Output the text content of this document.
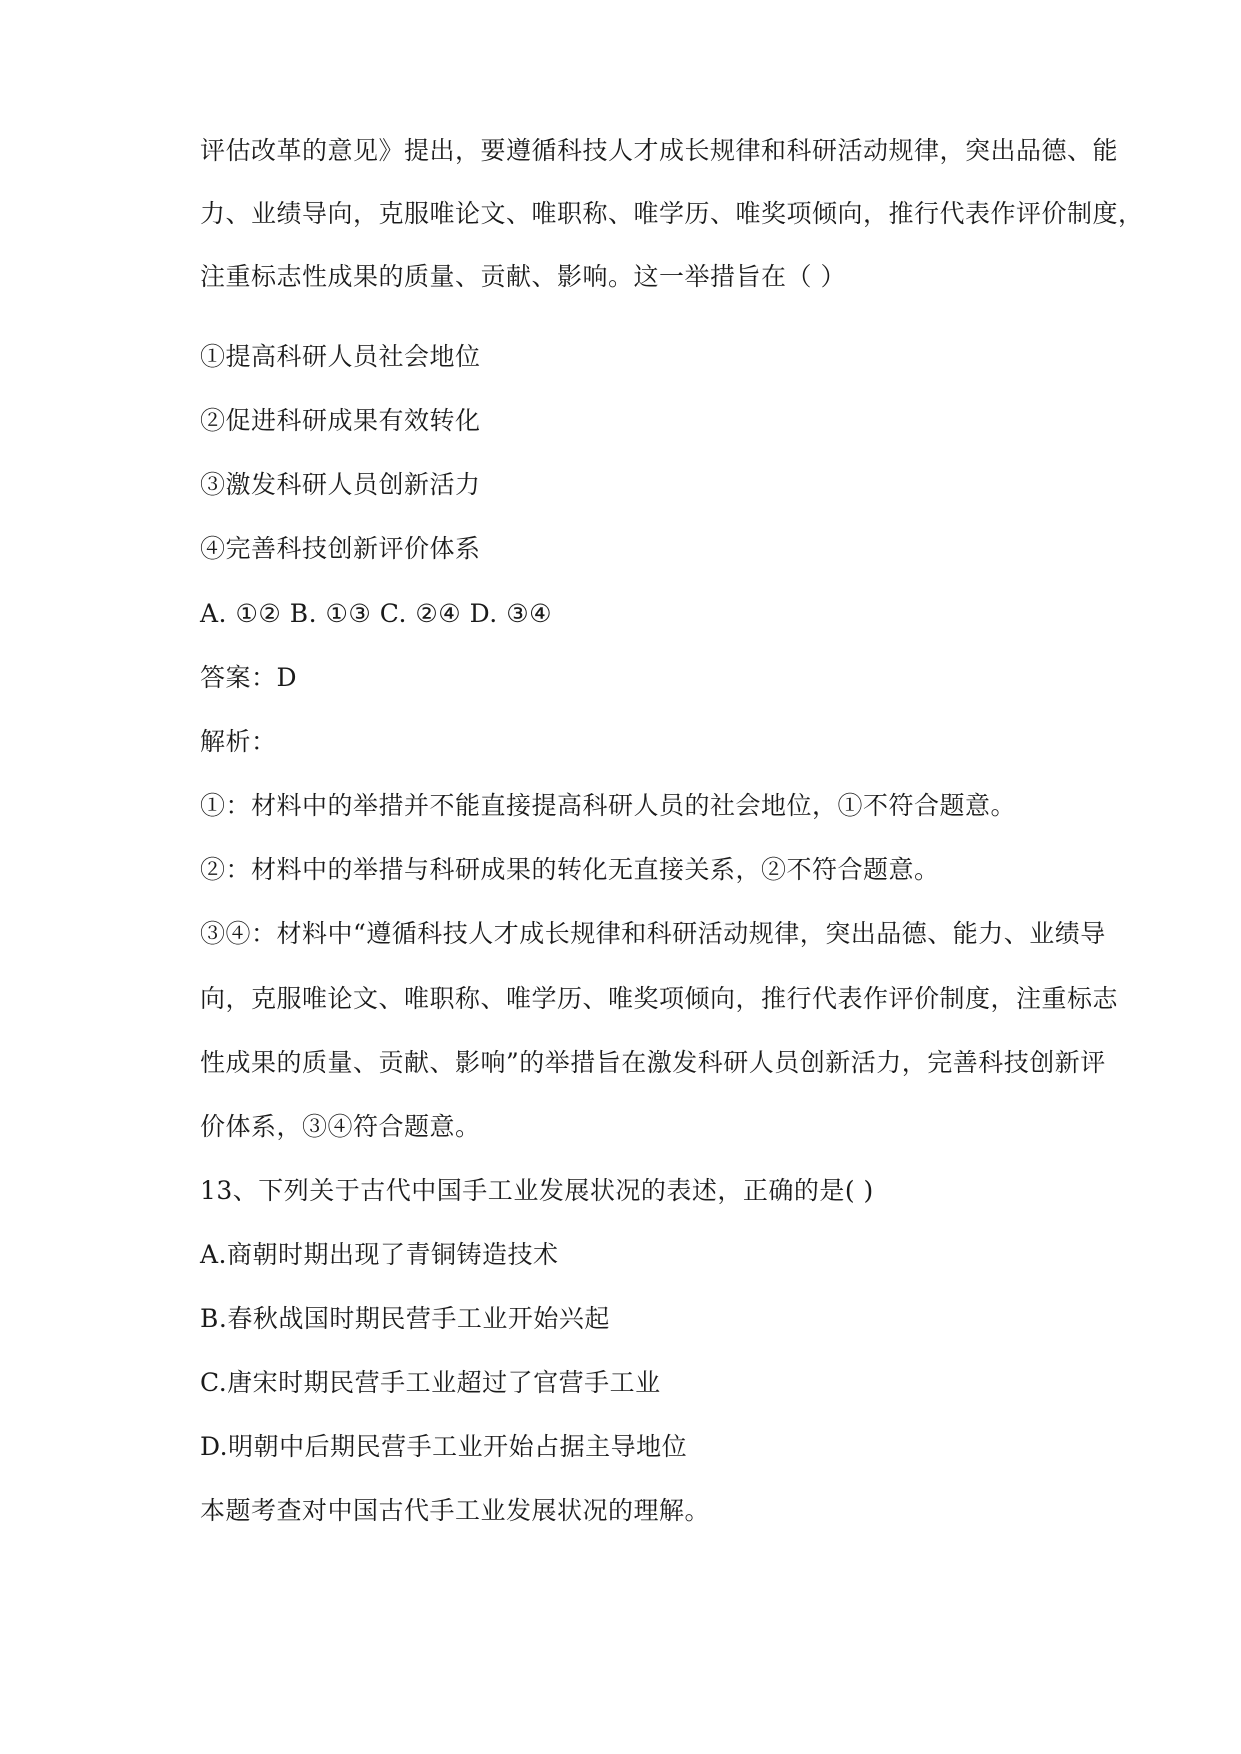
评估改革的意见》提出，要遵循科技人才成长规律和科研活动规律，突出品德、能
力、业绩导向，克服唯论文、唯职称、唯学历、唯奖项倾向，推行代表作评价制度，
注重标志性成果的质量、贡献、影响。这一举措旨在（ ）
①提高科研人员社会地位
②促进科研成果有效转化
③激发科研人员创新活力
④完善科技创新评价体系
A. ①② B. ①③ C. ②④ D. ③④
答案：D
解析：
①：材料中的举措并不能直接提高科研人员的社会地位，①不符合题意。
②：材料中的举措与科研成果的转化无直接关系，②不符合题意。
③④：材料中“遵循科技人才成长规律和科研活动规律，突出品德、能力、业绩导
向，克服唯论文、唯职称、唯学历、唯奖项倾向，推行代表作评价制度，注重标志
性成果的质量、贡献、影响”的举措旨在激发科研人员创新活力，完善科技创新评
价体系，③④符合题意。
13、下列关于古代中国手工业发展状况的表述，正确的是( )
A.商朝时期出现了青铜铸造技术
B.春秋战国时期民营手工业开始兴起
C.唐宋时期民营手工业超过了官营手工业
D.明朝中后期民营手工业开始占据主导地位
本题考查对中国古代手工业发展状况的理解。
